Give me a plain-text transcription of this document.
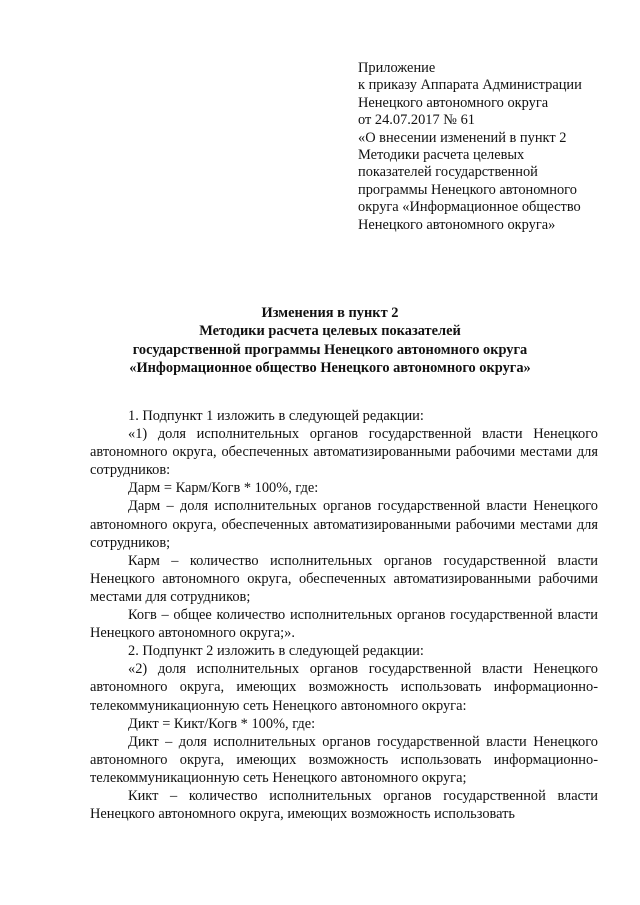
Приложение
к приказу Аппарата Администрации
Ненецкого автономного округа
от 24.07.2017 № 61
«О внесении изменений в пункт 2
Методики расчета целевых
показателей государственной
программы Ненецкого автономного
округа «Информационное общество
Ненецкого автономного округа»
Изменения в пункт 2
Методики расчета целевых показателей
государственной программы Ненецкого автономного округа
«Информационное общество Ненецкого автономного округа»

1. Подпункт 1 изложить в следующей редакции:

«1) доля исполнительных органов государственной власти Ненецкого автономного округа, обеспеченных автоматизированными рабочими местами для сотрудников:

Дарм = Карм/Когв * 100%, где:

Дарм – доля исполнительных органов государственной власти Ненецкого автономного округа, обеспеченных автоматизированными рабочими местами для сотрудников;

Карм – количество исполнительных органов государственной власти Ненецкого автономного округа, обеспеченных автоматизированными рабочими местами для сотрудников;

Когв – общее количество исполнительных органов государственной власти Ненецкого автономного округа;».

2. Подпункт 2 изложить в следующей редакции:

«2) доля исполнительных органов государственной власти Ненецкого автономного округа, имеющих возможность использовать информационно-телекоммуникационную сеть Ненецкого автономного округа:

Дикт = Кикт/Когв * 100%, где:

Дикт – доля исполнительных органов государственной власти Ненецкого автономного округа, имеющих возможность использовать информационно-телекоммуникационную сеть Ненецкого автономного округа;

Кикт – количество исполнительных органов государственной власти Ненецкого автономного округа, имеющих возможность использовать
